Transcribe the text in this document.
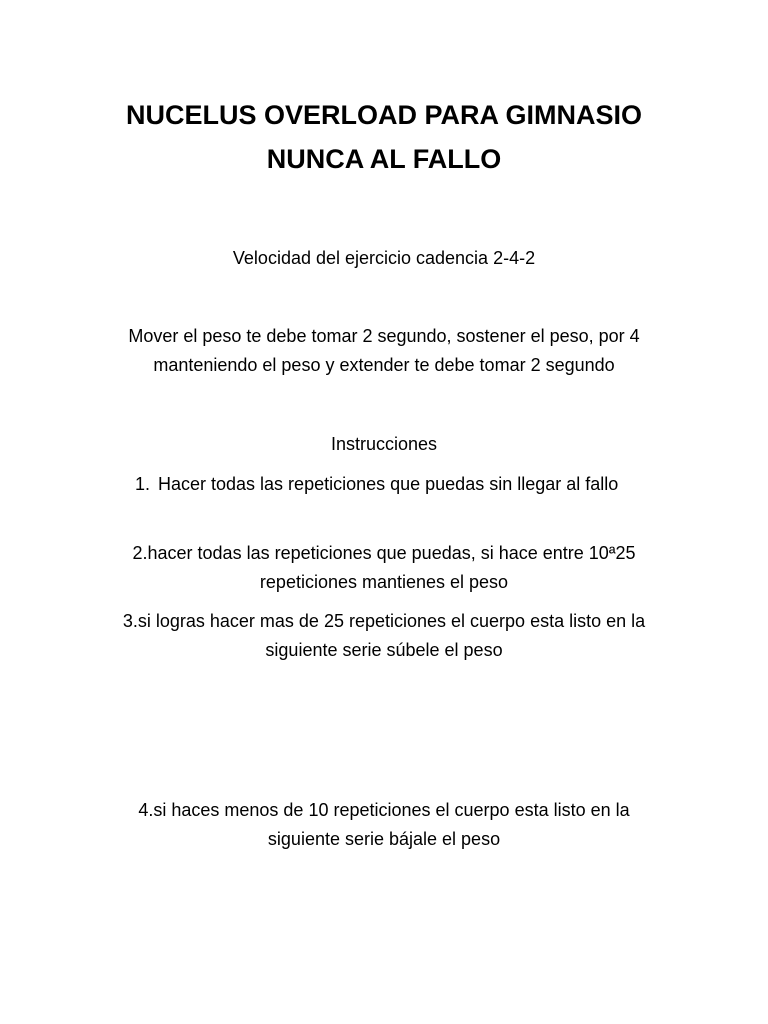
NUCELUS OVERLOAD PARA GIMNASIO
NUNCA AL FALLO
Velocidad del ejercicio cadencia 2-4-2
Mover el peso te debe tomar 2 segundo, sostener el peso, por 4
manteniendo el peso y extender te debe tomar 2 segundo
Instrucciones
1. Hacer todas las repeticiones que puedas sin llegar al fallo
2.hacer todas las repeticiones que puedas, si hace entre 10ª25
repeticiones mantienes el peso
3.si logras hacer mas de 25 repeticiones el cuerpo esta listo en la
siguiente serie súbele el peso
4.si haces menos de 10 repeticiones el cuerpo esta listo en la
siguiente serie bájale el peso
